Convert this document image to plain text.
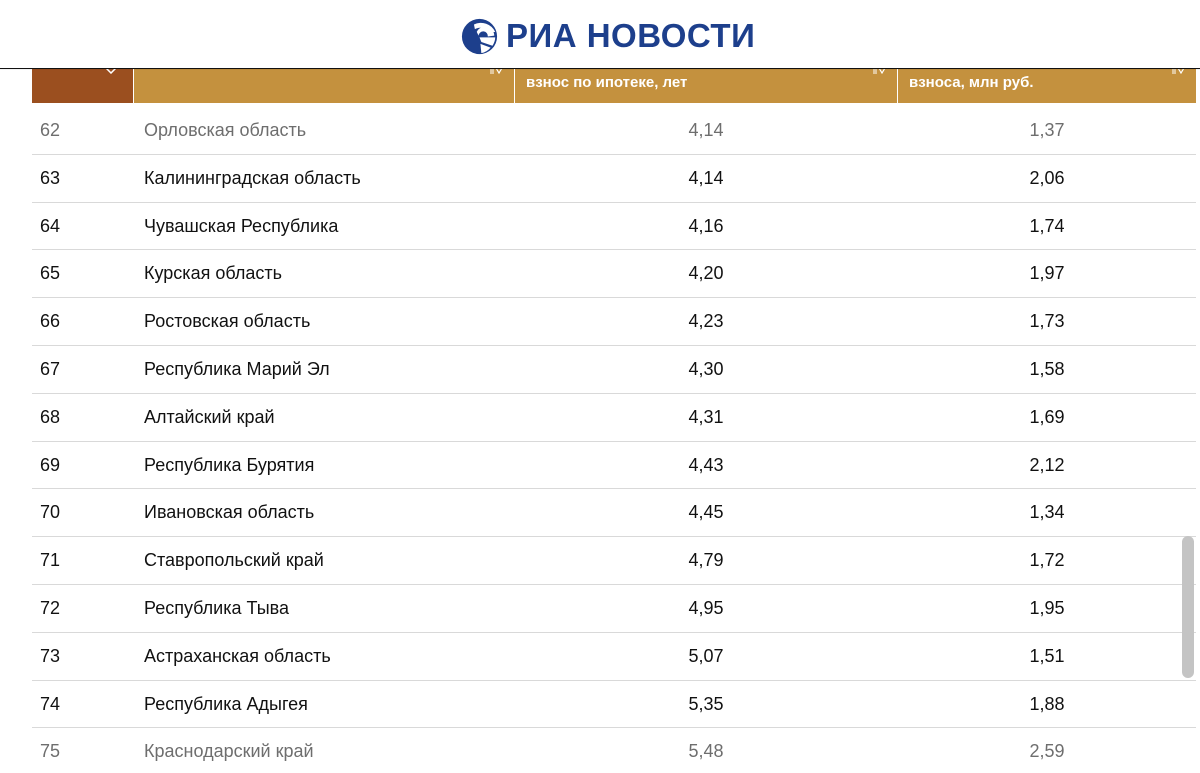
взнос по ипотеке, лет	взноса, млн руб.
РИА НОВОСТИ
62	Орловская область	4,14	1,37
63	Калининградская область	4,14	2,06
64	Чувашская Республика	4,16	1,74
65	Курская область	4,20	1,97
66	Ростовская область	4,23	1,73
67	Республика Марий Эл	4,30	1,58
68	Алтайский край	4,31	1,69
69	Республика Бурятия	4,43	2,12
70	Ивановская область	4,45	1,34
71	Ставропольский край	4,79	1,72
72	Республика Тыва	4,95	1,95
73	Астраханская область	5,07	1,51
74	Республика Адыгея	5,35	1,88
75	Краснодарский край	5,48	2,59
